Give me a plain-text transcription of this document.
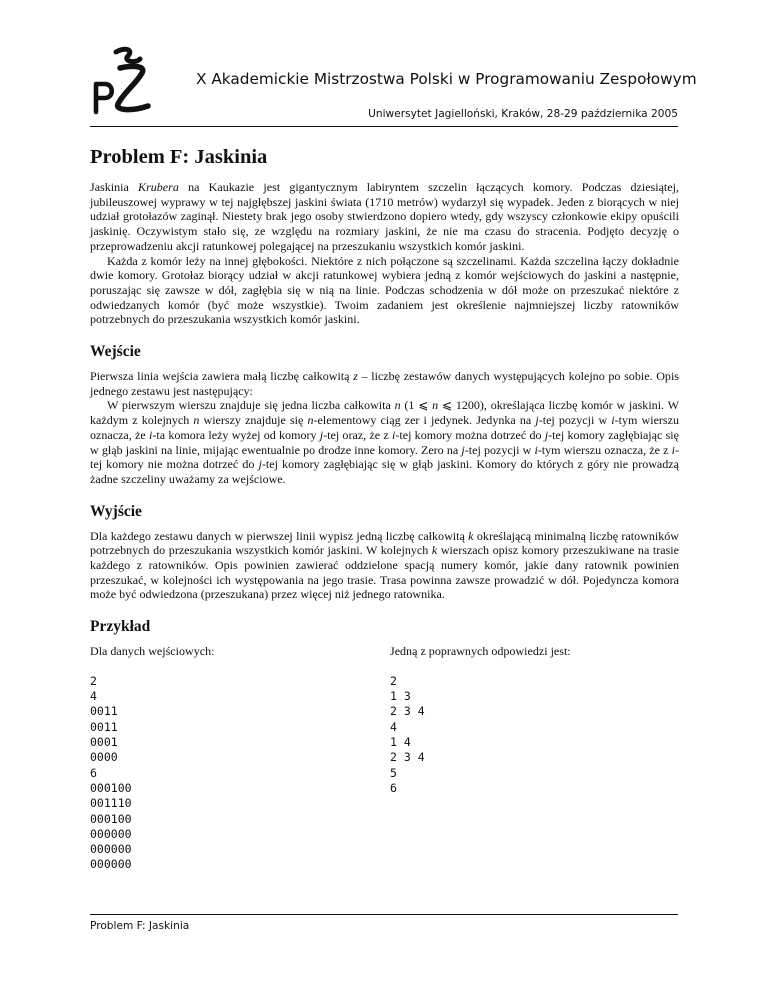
X Akademickie Mistrzostwa Polski w Programowaniu Zespołowym
Uniwersytet Jagielloński, Kraków, 28-29 października 2005
Problem F: Jaskinia

Jaskinia Krubera na Kaukazie jest gigantycznym labiryntem szczelin łączących komory. Podczas dziesiątej, jubileuszowej wyprawy w tej najgłębszej jaskini świata (1710 metrów) wydarzył się wypadek. Jeden z biorących w niej udział grotołazów zaginął. Niestety brak jego osoby stwierdzono dopiero wtedy, gdy wszyscy członkowie ekipy opuścili jaskinię. Oczywistym stało się, ze względu na rozmiary jaskini, że nie ma czasu do stracenia. Podjęto decyzję o przeprowadzeniu akcji ratunkowej polegającej na przeszukaniu wszystkich komór jaskini.

Każda z komór leży na innej głębokości. Niektóre z nich połączone są szczelinami. Każda szczelina łączy dokładnie dwie komory. Grotołaz biorący udział w akcji ratunkowej wybiera jedną z komór wejściowych do jaskini a następnie, poruszając się zawsze w dół, zagłębia się w nią na linie. Podczas schodzenia w dół może on przeszukać niektóre z odwiedzanych komór (być może wszystkie). Twoim zadaniem jest określenie najmniejszej liczby ratowników potrzebnych do przeszukania wszystkich komór jaskini.

Wejście

Pierwsza linia wejścia zawiera małą liczbę całkowitą z – liczbę zestawów danych występujących kolejno po sobie. Opis jednego zestawu jest następujący:

W pierwszym wierszu znajduje się jedna liczba całkowita n (1 ⩽ n ⩽ 1200), określająca liczbę komór w jaskini. W każdym z kolejnych n wierszy znajduje się n-elementowy ciąg zer i jedynek. Jedynka na j-tej pozycji w i-tym wierszu oznacza, że i-ta komora leży wyżej od komory j-tej oraz, że z i-tej komory można dotrzeć do j-tej komory zagłębiając się w głąb jaskini na linie, mijając ewentualnie po drodze inne komory. Zero na j-tej pozycji w i-tym wierszu oznacza, że z i-tej komory nie można dotrzeć do j-tej komory zagłębiając się w głąb jaskini. Komory do których z góry nie prowadzą żadne szczeliny uważamy za wejściowe.

Wyjście

Dla każdego zestawu danych w pierwszej linii wypisz jedną liczbę całkowitą k określającą minimalną liczbę ratowników potrzebnych do przeszukania wszystkich komór jaskini. W kolejnych k wierszach opisz komory przeszukiwane na trasie każdego z ratowników. Opis powinien zawierać oddzielone spacją numery komór, jakie dany ratownik powinien przeszukać, w kolejności ich występowania na jego trasie. Trasa powinna zawsze prowadzić w dół. Pojedyncza komora może być odwiedzona (przeszukana) przez więcej niż jednego ratownika.

Przykład
Dla danych wejściowych:
2
4
0011
0011
0001
0000
6
000100
001110
000100
000000
000000
000000
Jedną z poprawnych odpowiedzi jest:
2
1 3
2 3 4
4
1 4
2 3 4
5
6
Problem F: Jaskinia
